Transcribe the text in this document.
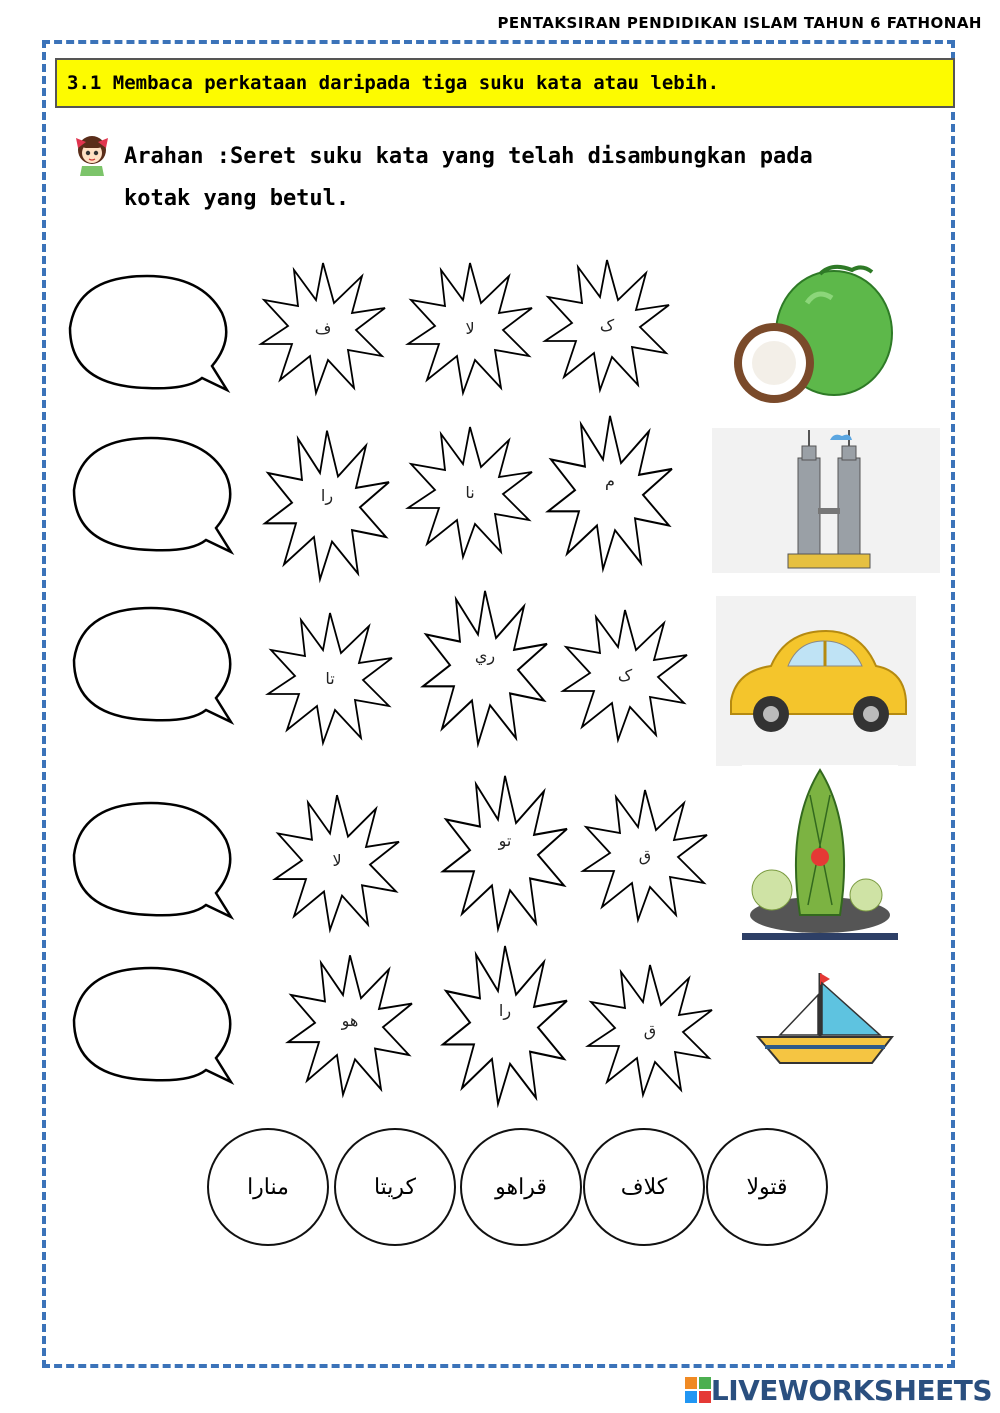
PENTAKSIRAN PENDIDIKAN ISLAM TAHUN 6 FATHONAH
3.1 Membaca perkataan daripada tiga suku kata atau lebih.
Arahan :Seret suku kata yang telah disambungkan pada
kotak yang betul.
ف	لا	ک
را	نا
م
تا
ري
ک
لا
تو
ق
هو
را
ق
منارا	كريتا	قراهو	كلاف	قتولا
LIVEWORKSHEETS
